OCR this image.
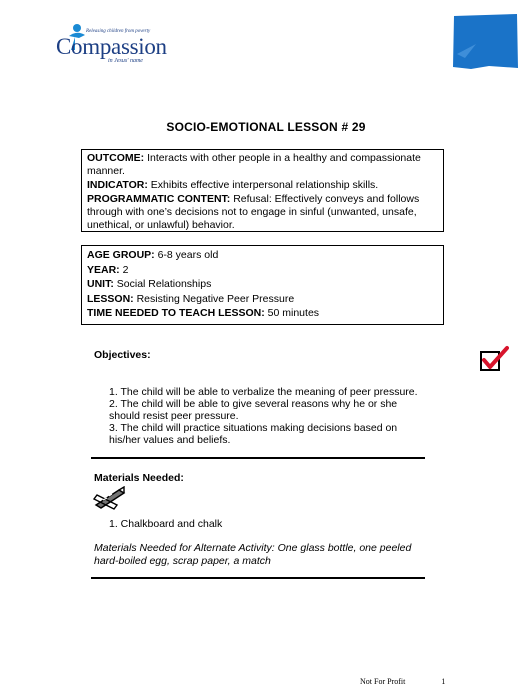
Releasing children from poverty
Compassion
in Jesus' name
SOCIO-EMOTIONAL LESSON # 29

OUTCOME: Interacts with other people in a healthy and compassionate manner.

INDICATOR: Exhibits effective interpersonal relationship skills.

PROGRAMMATIC CONTENT: Refusal: Effectively conveys and follows through with one’s decisions not to engage in sinful (unwanted, unsafe, unethical, or unlawful) behavior.

AGE GROUP: 6-8 years old

YEAR: 2

UNIT: Social Relationships

LESSON: Resisting Negative Peer Pressure

TIME NEEDED TO TEACH LESSON: 50 minutes

Objectives:

1. The child will be able to verbalize the meaning of peer pressure.

2. The child will be able to give several reasons why he or she should resist peer pressure.

3. The child will practice situations making decisions based on his/her values and beliefs.

Materials Needed:
1. Chalkboard and chalk
Materials Needed for Alternate Activity: One glass bottle, one peeled hard-boiled egg, scrap paper, a match
Not For Profit	1
